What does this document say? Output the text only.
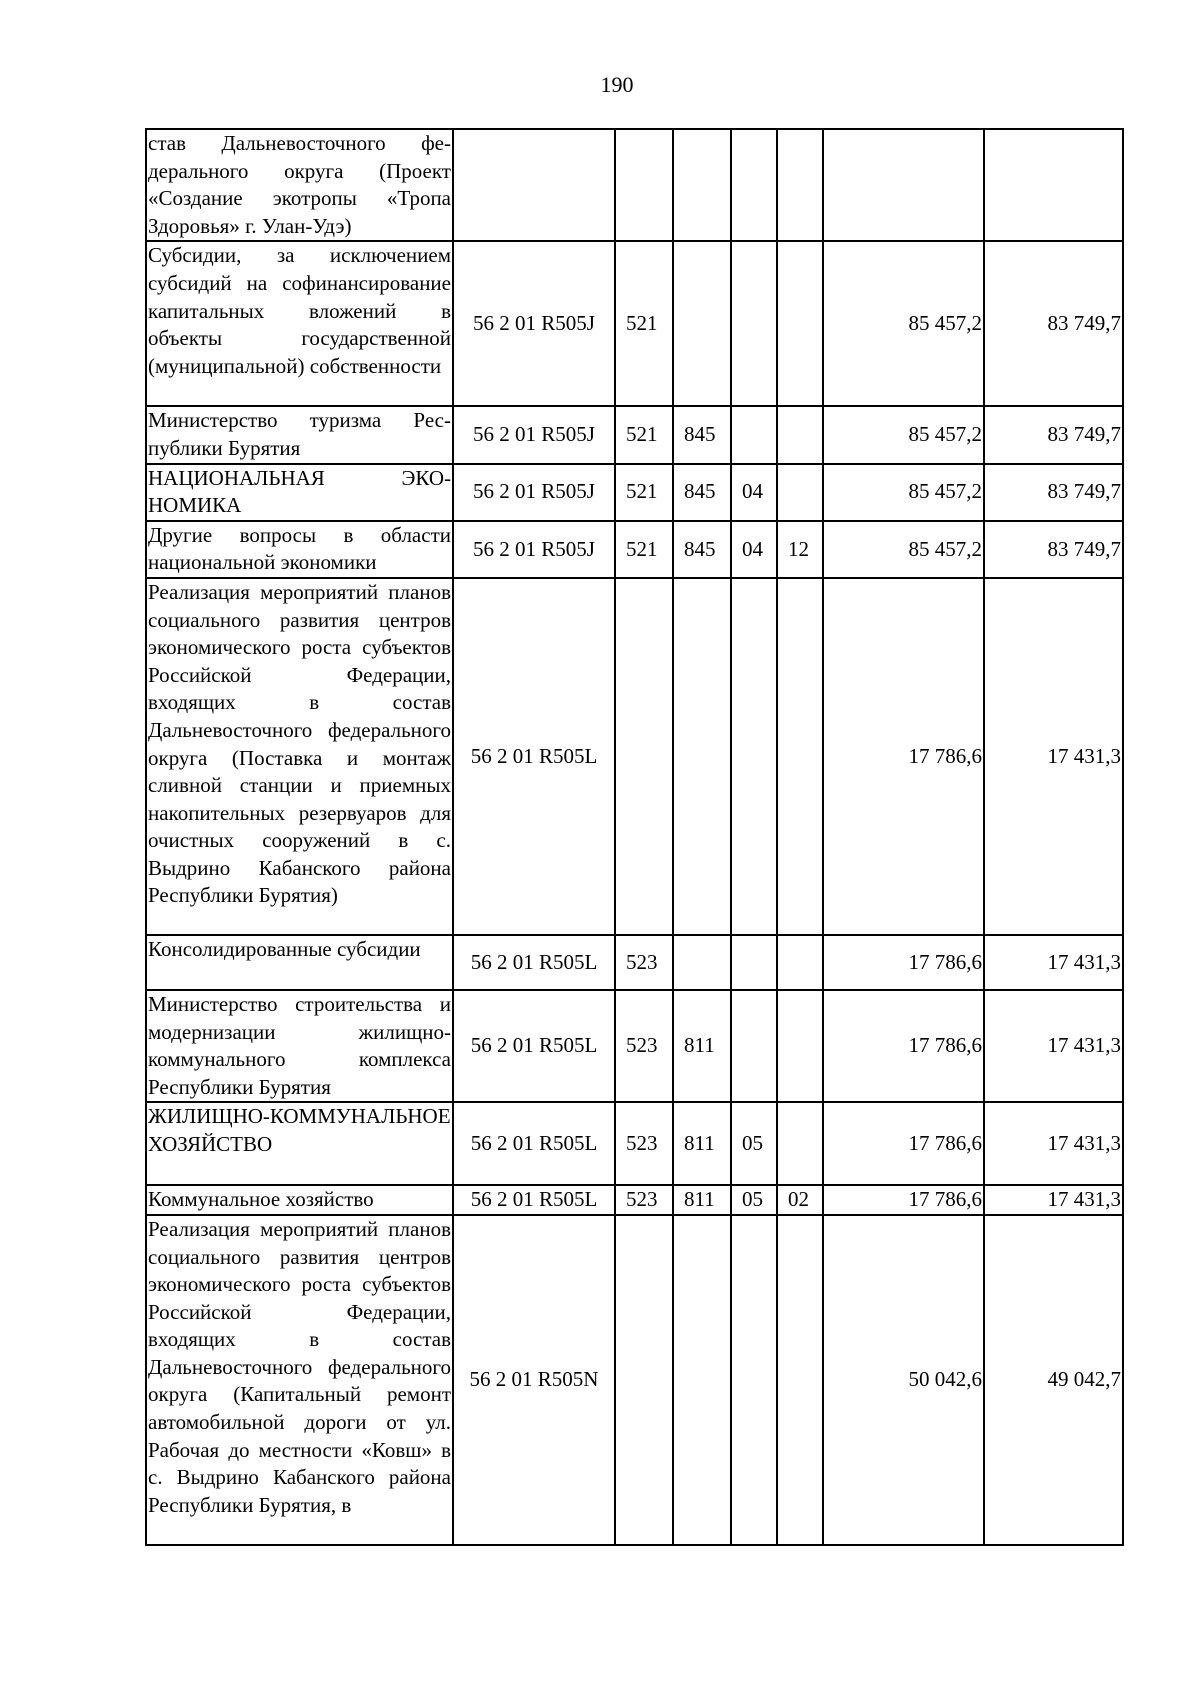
190
став Дальневосточного федерального округа (Проект «Создание экотропы «Тропа Здоровья» г. Улан-Удэ)							
Субсидии, за исключением субсидий на софинансирование капитальных вложений в объекты государственной (муниципальной) собственности	56 2 01 R505J	521				85 457,2	83 749,7
Министерство туризма Республики Бурятия	56 2 01 R505J	521	845			85 457,2	83 749,7
НАЦИОНАЛЬНАЯ ЭКОНОМИКА	56 2 01 R505J	521	845	04		85 457,2	83 749,7
Другие вопросы в области национальной экономики	56 2 01 R505J	521	845	04	12	85 457,2	83 749,7
Реализация мероприятий планов социального развития центров экономического роста субъектов Российской Федерации, входящих в состав Дальневосточного федерального округа (Поставка и монтаж сливной станции и приемных накопительных резервуаров для очистных сооружений в с. Выдрино Кабанского района Республики Бурятия)	56 2 01 R505L					17 786,6	17 431,3
Консолидированные субсидии	56 2 01 R505L	523				17 786,6	17 431,3
Министерство строительства и модернизации жилищно-коммунального комплекса Республики Бурятия	56 2 01 R505L	523	811			17 786,6	17 431,3
ЖИЛИЩНО-КОММУНАЛЬНОЕ ХОЗЯЙСТВО	56 2 01 R505L	523	811	05		17 786,6	17 431,3
Коммунальное хозяйство	56 2 01 R505L	523	811	05	02	17 786,6	17 431,3
Реализация мероприятий планов социального развития центров экономического роста субъектов Российской Федерации, входящих в состав Дальневосточного федерального округа (Капитальный ремонт автомобильной дороги от ул. Рабочая до местности «Ковш» в с. Выдрино Кабанского района Республики Бурятия, в	56 2 01 R505N					50 042,6	49 042,7
